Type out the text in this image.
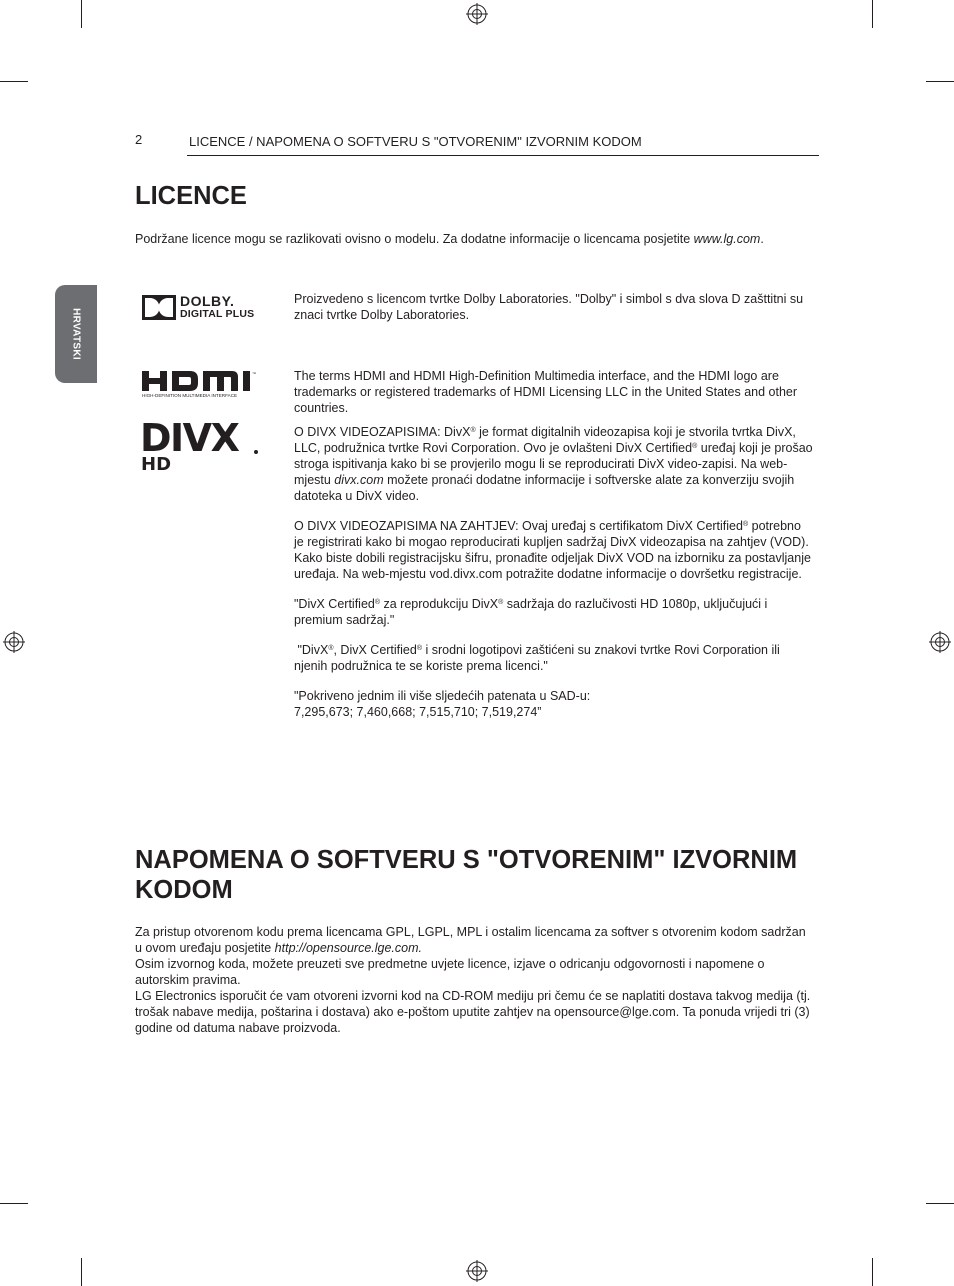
2	LICENCE / NAPOMENA O SOFTVERU S "OTVORENIM" IZVORNIM KODOM
HRVATSKI
LICENCE
Podržane licence mogu se razlikovati ovisno o modelu. Za dodatne informacije o licencama posjetite www.lg.com.
DOLBY.
DIGITAL PLUS
Proizvedeno s licencom tvrtke Dolby Laboratories. "Dolby" i simbol s dva slova D zašttitni su znaci tvrtke Dolby Laboratories.
™
HIGH-DEFINITION MULTIMEDIA INTERFACE
The terms HDMI and HDMI High-Definition Multimedia interface, and the HDMI logo are trademarks or registered trademarks of HDMI Licensing LLC in the United States and other countries.
DIVX
HD

O DIVX VIDEOZAPISIMA: DivX® je format digitalnih videozapisa koji je stvorila tvrtka DivX, LLC, podružnica tvrtke Rovi Corporation. Ovo je ovlašteni DivX Certified® uređaj koji je prošao stroga ispitivanja kako bi se provjerilo mogu li se reproducirati DivX video-zapisi. Na web-mjestu divx.com možete pronaći dodatne informacije i softverske alate za konverziju svojih datoteka u DivX video.

O DIVX VIDEOZAPISIMA NA ZAHTJEV: Ovaj uređaj s certifikatom DivX Certified® potrebno je registrirati kako bi mogao reproducirati kupljen sadržaj DivX videozapisa na zahtjev (VOD). Kako biste dobili registracijsku šifru, pronađite odjeljak DivX VOD na izborniku za postavljanje uređaja. Na web-mjestu vod.divx.com potražite dodatne informacije o dovršetku registracije.

"DivX Certified® za reprodukciju DivX® sadržaja do razlučivosti HD 1080p, uključujući i premium sadržaj."

"DivX®, DivX Certified® i srodni logotipovi zaštićeni su znakovi tvrtke Rovi Corporation ili njenih podružnica te se koriste prema licenci."

"Pokriveno jednim ili više sljedećih patenata u SAD-u:
7,295,673; 7,460,668; 7,515,710; 7,519,274”

NAPOMENA O SOFTVERU S "OTVORENIM" IZVORNIM KODOM

Za pristup otvorenom kodu prema licencama GPL, LGPL, MPL i ostalim licencama za softver s otvorenim kodom sadržan u ovom uređaju posjetite http://opensource.lge.com.

Osim izvornog koda, možete preuzeti sve predmetne uvjete licence, izjave o odricanju odgovornosti i napomene o autorskim pravima.

LG Electronics isporučit će vam otvoreni izvorni kod na CD-ROM mediju pri čemu će se naplatiti dostava takvog medija (tj. trošak nabave medija, poštarina i dostava) ako e-poštom uputite zahtjev na opensource@lge.com. Ta ponuda vrijedi tri (3) godine od datuma nabave proizvoda.
